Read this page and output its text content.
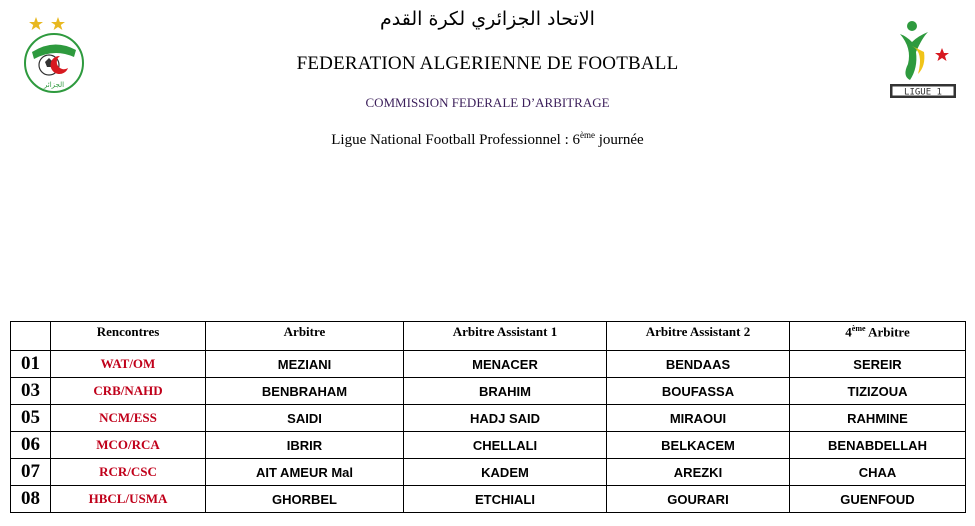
الجزائر
LIGUE 1
الاتحاد الجزائري لكرة القدم
FEDERATION ALGERIENNE DE FOOTBALL
COMMISSION FEDERALE D’ARBITRAGE
Ligue National Football Professionnel : 6ème journée
	Rencontres	Arbitre	Arbitre Assistant 1	Arbitre Assistant 2	4ème Arbitre
01	WAT/OM	MEZIANI	MENACER	BENDAAS	SEREIR
03	CRB/NAHD	BENBRAHAM	BRAHIM	BOUFASSA	TIZIZOUA
05	NCM/ESS	SAIDI	HADJ SAID	MIRAOUI	RAHMINE
06	MCO/RCA	IBRIR	CHELLALI	BELKACEM	BENABDELLAH
07	RCR/CSC	AIT AMEUR Mal	KADEM	AREZKI	CHAA
08	HBCL/USMA	GHORBEL	ETCHIALI	GOURARI	GUENFOUD
